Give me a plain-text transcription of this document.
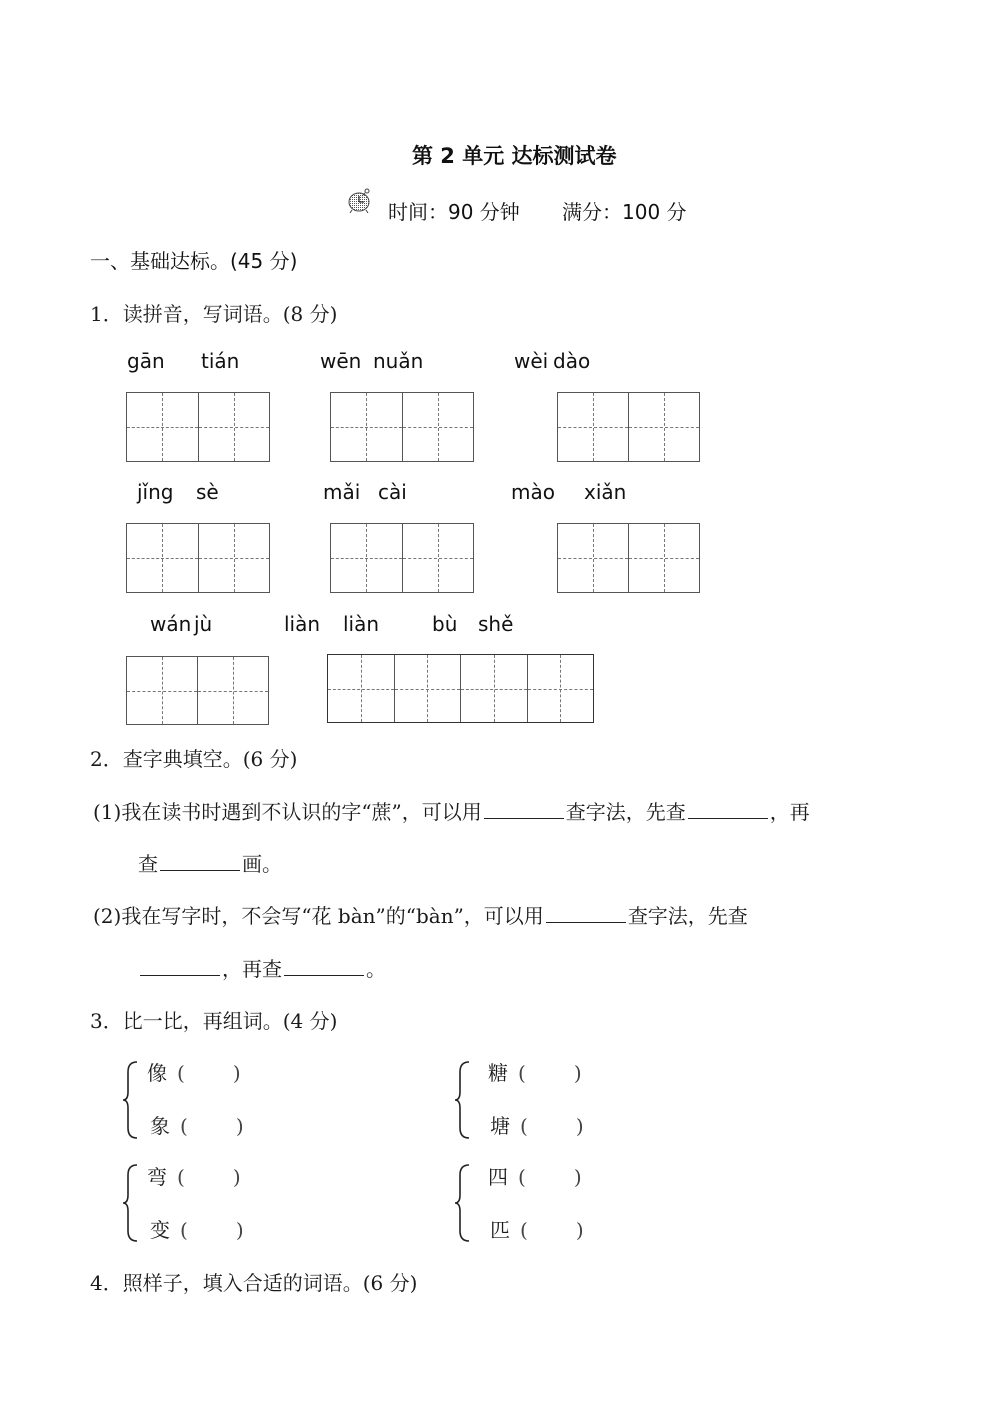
第 2 单元 达标测试卷
时间：90 分钟 满分：100 分
一、基础达标。(45 分)
1．读拼音，写词语。(8 分)
gān tián	wēn nuǎn	wèi dào
jǐng sè	mǎi cài	mào xiǎn
wán jù	liàn liàn	bù shě
2．查字典填空。(6 分)
(1)我在读书时遇到不认识的字“蔗”，可以用	查字法，先查	，再
查	画。
(2)我在写字时，不会写“花 bàn”的“bàn”，可以用	查字法，先查
，再查	。
3．比一比，再组词。(4 分)
像 ( )
象 ( )
糖 ( )
塘 ( )
弯 ( )
变 ( )
四 ( )
匹 ( )
4．照样子，填入合适的词语。(6 分)
